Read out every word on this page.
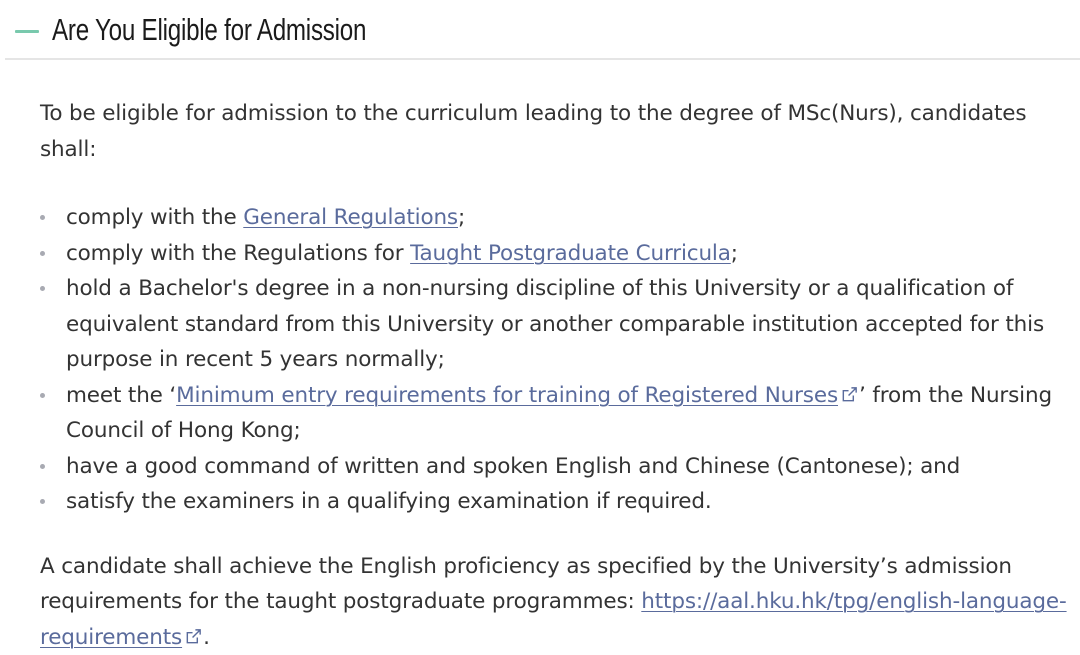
Are You Eligible for Admission

To be eligible for admission to the curriculum leading to the degree of MSc(Nurs), candidates shall:

comply with the General Regulations;
comply with the Regulations for Taught Postgraduate Curricula;
hold a Bachelor's degree in a non-nursing discipline of this University or a qualification of equivalent standard from this University or another comparable institution accepted for this purpose in recent 5 years normally;
meet the ‘Minimum entry requirements for training of Registered Nurses ’ from the Nursing Council of Hong Kong;
have a good command of written and spoken English and Chinese (Cantonese); and
satisfy the examiners in a qualifying examination if required.

A candidate shall achieve the English proficiency as specified by the University’s admission requirements for the taught postgraduate programmes: https://aal.hku.hk/tpg/english-language-requirements .
